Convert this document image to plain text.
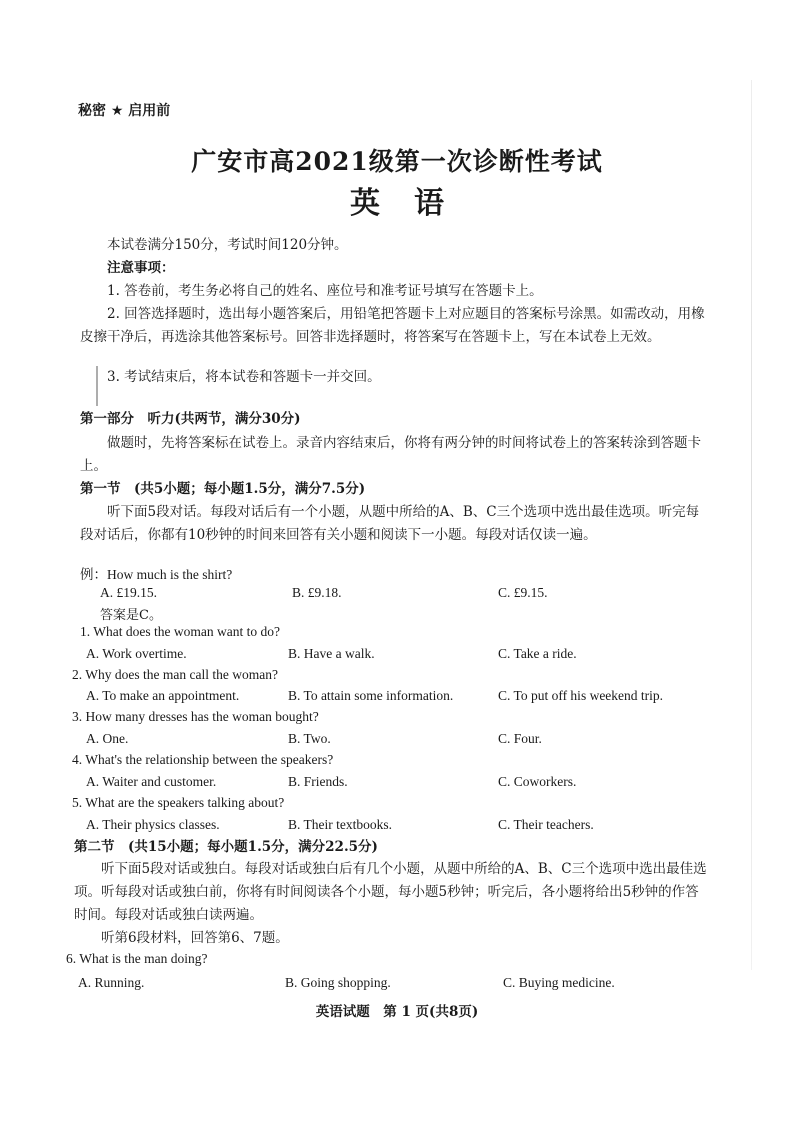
秘密 ★ 启用前
广安市高2021级第一次诊断性考试
英语
本试卷满分150分，考试时间120分钟。
注意事项：
1. 答卷前，考生务必将自己的姓名、座位号和准考证号填写在答题卡上。
2. 回答选择题时，选出每小题答案后，用铅笔把答题卡上对应题目的答案标号涂黑。如需改动，用橡皮擦干净后，再选涂其他答案标号。回答非选择题时，将答案写在答题卡上，写在本试卷上无效。
3. 考试结束后，将本试卷和答题卡一并交回。
第一部分　听力(共两节，满分30分)
做题时，先将答案标在试卷上。录音内容结束后，你将有两分钟的时间将试卷上的答案转涂到答题卡上。
第一节　(共5小题；每小题1.5分，满分7.5分)
听下面5段对话。每段对话后有一个小题，从题中所给的A、B、C三个选项中选出最佳选项。听完每段对话后，你都有10秒钟的时间来回答有关小题和阅读下一小题。每段对话仅读一遍。
例：How much is the shirt?
A. £19.15.	B. £9.18.	C. £9.15.
答案是C。
1. What does the woman want to do?
A. Work overtime.	B. Have a walk.	C. Take a ride.
2. Why does the man call the woman?
A. To make an appointment.	B. To attain some information.	C. To put off his weekend trip.
3. How many dresses has the woman bought?
A. One.	B. Two.	C. Four.
4. What's the relationship between the speakers?
A. Waiter and customer.	B. Friends.	C. Coworkers.
5. What are the speakers talking about?
A. Their physics classes.	B. Their textbooks.	C. Their teachers.
第二节　(共15小题；每小题1.5分，满分22.5分)
听下面5段对话或独白。每段对话或独白后有几个小题，从题中所给的A、B、C三个选项中选出最佳选项。听每段对话或独白前，你将有时间阅读各个小题，每小题5秒钟；听完后，各小题将给出5秒钟的作答时间。每段对话或独白读两遍。
听第6段材料，回答第6、7题。
6. What is the man doing?
A. Running.	B. Going shopping.	C. Buying medicine.
英语试题　第 1 页(共8页)
